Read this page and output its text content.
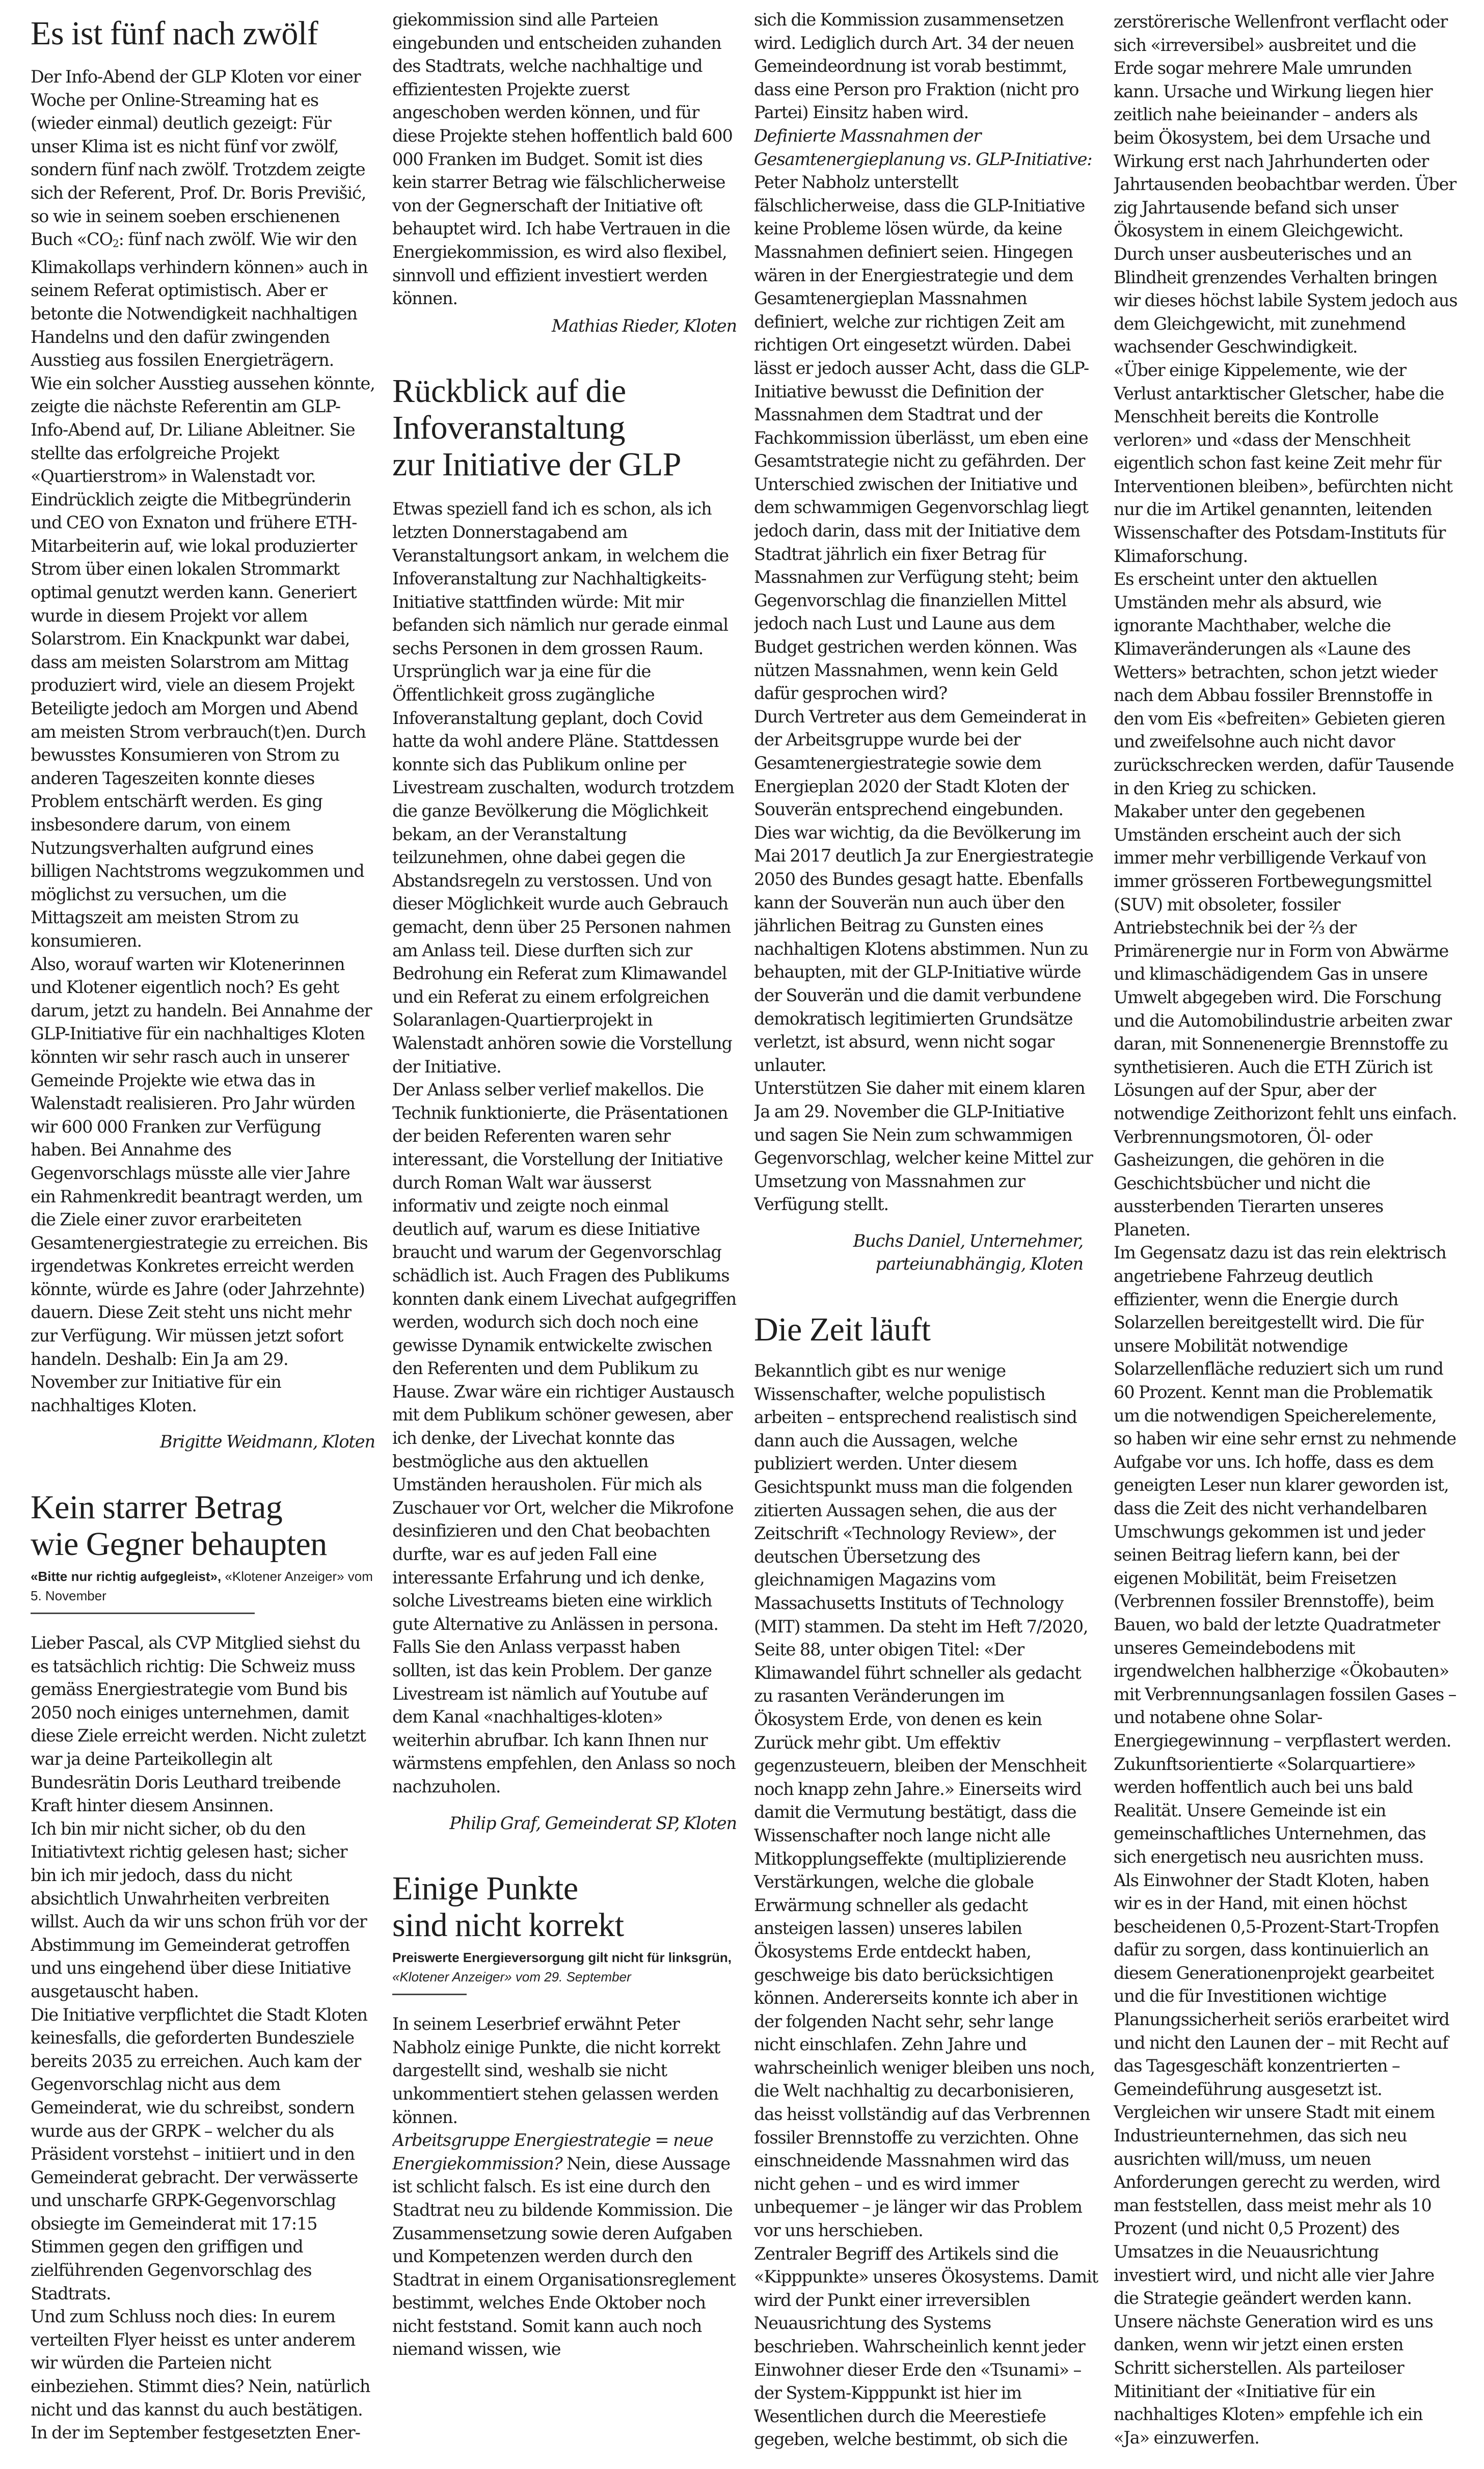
Es ist fünf nach zwölf

Der Info-Abend der GLP Kloten vor einer Woche per Online-Streaming hat es (wieder einmal) deutlich gezeigt: Für unser Klima ist es nicht fünf vor zwölf, sondern fünf nach zwölf. Trotzdem zeigte sich der Referent, Prof. Dr. Boris Previšić, so wie in seinem soeben erschienenen Buch «$CO_2$: fünf nach zwölf. Wie wir den Klimakollaps verhindern können» auch in seinem Referat optimistisch. Aber er betonte die Notwendigkeit nachhaltigen Handelns und den dafür zwingenden Ausstieg aus fossilen Energieträgern.

Wie ein solcher Ausstieg aussehen könnte, zeigte die nächste Referentin am GLP-Info-Abend auf, Dr. Liliane Ableitner. Sie stellte das erfolgreiche Projekt «Quartierstrom» in Walenstadt vor. Eindrücklich zeigte die Mitbegründerin und CEO von Exnaton und frühere ETH-Mitarbeiterin auf, wie lokal produzierter Strom über einen lokalen Strommarkt optimal genutzt werden kann. Generiert wurde in diesem Projekt vor allem Solarstrom. Ein Knackpunkt war dabei, dass am meisten Solarstrom am Mittag produziert wird, viele an diesem Projekt Beteiligte jedoch am Morgen und Abend am meisten Strom verbrauch(t)en. Durch bewusstes Konsumieren von Strom zu anderen Tageszeiten konnte dieses Problem entschärft werden. Es ging insbesondere darum, von einem Nutzungsverhalten aufgrund eines billigen Nachtstroms wegzukommen und möglichst zu versuchen, um die Mittagszeit am meisten Strom zu konsumieren.

Also, worauf warten wir Klotenerinnen und Klotener eigentlich noch? Es geht darum, jetzt zu handeln. Bei Annahme der GLP-Initiative für ein nachhaltiges Kloten könnten wir sehr rasch auch in unserer Gemeinde Projekte wie etwa das in Walenstadt realisieren. Pro Jahr würden wir 600 000 Franken zur Verfügung haben. Bei Annahme des Gegenvorschlags müsste alle vier Jahre ein Rahmenkredit beantragt werden, um die Ziele einer zuvor erarbeiteten Gesamtenergiestrategie zu erreichen. Bis irgendetwas Konkretes erreicht werden könnte, würde es Jahre (oder Jahrzehnte) dauern. Diese Zeit steht uns nicht mehr zur Verfügung. Wir müssen jetzt sofort handeln. Deshalb: Ein Ja am 29. November zur Initiative für ein nachhaltiges Kloten.

Brigitte Weidmann, Kloten

Kein starrer Betrag
wie Gegner behaupten
«Bitte nur richtig aufgegleist», «Klotener Anzeiger» vom 5. November

Lieber Pascal, als CVP Mitglied siehst du es tatsächlich richtig: Die Schweiz muss gemäss Energiestrategie vom Bund bis 2050 noch einiges unternehmen, damit diese Ziele erreicht werden. Nicht zuletzt war ja deine Parteikollegin alt Bundesrätin Doris Leuthard treibende Kraft hinter diesem Ansinnen.

Ich bin mir nicht sicher, ob du den Initiativtext richtig gelesen hast; sicher bin ich mir jedoch, dass du nicht absichtlich Unwahrheiten verbreiten willst. Auch da wir uns schon früh vor der Abstimmung im Gemeinderat getroffen und uns eingehend über diese Initiative ausgetauscht haben.

Die Initiative verpflichtet die Stadt Kloten keinesfalls, die geforderten Bundesziele bereits 2035 zu erreichen. Auch kam der Gegenvorschlag nicht aus dem Gemeinderat, wie du schreibst, sondern wurde aus der GRPK – welcher du als Präsident vorstehst – initiiert und in den Gemeinderat gebracht. Der verwässerte und unscharfe GRPK-Gegenvorschlag obsiegte im Gemeinderat mit 17:15 Stimmen gegen den griffigen und zielführenden Gegenvorschlag des Stadtrats.

Und zum Schluss noch dies: In eurem verteilten Flyer heisst es unter anderem wir würden die Parteien nicht einbeziehen. Stimmt dies? Nein, natürlich nicht und das kannst du auch bestätigen.

In der im September festgesetzten Ener-

giekommission sind alle Parteien eingebunden und entscheiden zuhanden des Stadtrats, welche nachhaltige und effizientesten Projekte zuerst angeschoben werden können, und für diese Projekte stehen hoffentlich bald 600 000 Franken im Budget. Somit ist dies kein starrer Betrag wie fälschlicherweise von der Gegnerschaft der Initiative oft behauptet wird. Ich habe Vertrauen in die Energiekommission, es wird also flexibel, sinnvoll und effizient investiert werden können.

Mathias Rieder, Kloten

Rückblick auf die
Infoveranstaltung
zur Initiative der GLP

Etwas speziell fand ich es schon, als ich letzten Donnerstagabend am Veranstaltungsort ankam, in welchem die Infoveranstaltung zur Nachhaltigkeits-Initiative stattfinden würde: Mit mir befanden sich nämlich nur gerade einmal sechs Personen in dem grossen Raum. Ursprünglich war ja eine für die Öffentlichkeit gross zugängliche Infoveranstaltung geplant, doch Covid hatte da wohl andere Pläne. Stattdessen konnte sich das Publikum online per Livestream zuschalten, wodurch trotzdem die ganze Bevölkerung die Möglichkeit bekam, an der Veranstaltung teilzunehmen, ohne dabei gegen die Abstandsregeln zu verstossen. Und von dieser Möglichkeit wurde auch Gebrauch gemacht, denn über 25 Personen nahmen am Anlass teil. Diese durften sich zur Bedrohung ein Referat zum Klimawandel und ein Referat zu einem erfolgreichen Solaranlagen-Quartierprojekt in Walenstadt anhören sowie die Vorstellung der Initiative.

Der Anlass selber verlief makellos. Die Technik funktionierte, die Präsentationen der beiden Referenten waren sehr interessant, die Vorstellung der Initiative durch Roman Walt war äusserst informativ und zeigte noch einmal deutlich auf, warum es diese Initiative braucht und warum der Gegenvorschlag schädlich ist. Auch Fragen des Publikums konnten dank einem Livechat aufgegriffen werden, wodurch sich doch noch eine gewisse Dynamik entwickelte zwischen den Referenten und dem Publikum zu Hause. Zwar wäre ein richtiger Austausch mit dem Publikum schöner gewesen, aber ich denke, der Livechat konnte das bestmögliche aus den aktuellen Umständen herausholen. Für mich als Zuschauer vor Ort, welcher die Mikrofone desinfizieren und den Chat beobachten durfte, war es auf jeden Fall eine interessante Erfahrung und ich denke, solche Livestreams bieten eine wirklich gute Alternative zu Anlässen in persona.

Falls Sie den Anlass verpasst haben sollten, ist das kein Problem. Der ganze Livestream ist nämlich auf Youtube auf dem Kanal «nachhaltiges-kloten» weiterhin abrufbar. Ich kann Ihnen nur wärmstens empfehlen, den Anlass so noch nachzuholen.

Philip Graf, Gemeinderat SP, Kloten

Einige Punkte
sind nicht korrekt
Preiswerte Energieversorgung gilt nicht für linksgrün, «Klotener Anzeiger» vom 29. September

In seinem Leserbrief erwähnt Peter Nabholz einige Punkte, die nicht korrekt dargestellt sind, weshalb sie nicht unkommentiert stehen gelassen werden können.

Arbeitsgruppe Energiestrategie = neue Energiekommission? Nein, diese Aussage ist schlicht falsch. Es ist eine durch den Stadtrat neu zu bildende Kommission. Die Zusammensetzung sowie deren Aufgaben und Kompetenzen werden durch den Stadtrat in einem Organisationsreglement bestimmt, welches Ende Oktober noch nicht feststand. Somit kann auch noch niemand wissen, wie

sich die Kommission zusammensetzen wird. Lediglich durch Art. 34 der neuen Gemeindeordnung ist vorab bestimmt, dass eine Person pro Fraktion (nicht pro Partei) Einsitz haben wird.

Definierte Massnahmen der Gesamtenergieplanung vs. GLP-Initiative: Peter Nabholz unterstellt fälschlicherweise, dass die GLP-Initiative keine Probleme lösen würde, da keine Massnahmen definiert seien. Hingegen wären in der Energiestrategie und dem Gesamtenergieplan Massnahmen definiert, welche zur richtigen Zeit am richtigen Ort eingesetzt würden. Dabei lässt er jedoch ausser Acht, dass die GLP-Initiative bewusst die Definition der Massnahmen dem Stadtrat und der Fachkommission überlässt, um eben eine Gesamtstrategie nicht zu gefährden. Der Unterschied zwischen der Initiative und dem schwammigen Gegenvorschlag liegt jedoch darin, dass mit der Initiative dem Stadtrat jährlich ein fixer Betrag für Massnahmen zur Verfügung steht; beim Gegenvorschlag die finanziellen Mittel jedoch nach Lust und Laune aus dem Budget gestrichen werden können. Was nützen Massnahmen, wenn kein Geld dafür gesprochen wird?

Durch Vertreter aus dem Gemeinderat in der Arbeitsgruppe wurde bei der Gesamtenergiestrategie sowie dem Energieplan 2020 der Stadt Kloten der Souverän entsprechend eingebunden. Dies war wichtig, da die Bevölkerung im Mai 2017 deutlich Ja zur Energiestrategie 2050 des Bundes gesagt hatte. Ebenfalls kann der Souverän nun auch über den jährlichen Beitrag zu Gunsten eines nachhaltigen Klotens abstimmen. Nun zu behaupten, mit der GLP-Initiative würde der Souverän und die damit verbundene demokratisch legitimierten Grundsätze verletzt, ist absurd, wenn nicht sogar unlauter.

Unterstützen Sie daher mit einem klaren Ja am 29. November die GLP-Initiative und sagen Sie Nein zum schwammigen Gegenvorschlag, welcher keine Mittel zur Umsetzung von Massnahmen zur Verfügung stellt.

Buchs Daniel, Unternehmer,
parteiunabhängig, Kloten

Die Zeit läuft

Bekanntlich gibt es nur wenige Wissenschafter, welche populistisch arbeiten – entsprechend realistisch sind dann auch die Aussagen, welche publiziert werden. Unter diesem Gesichtspunkt muss man die folgenden zitierten Aussagen sehen, die aus der Zeitschrift «Technology Review», der deutschen Übersetzung des gleichnamigen Magazins vom Massachusetts Instituts of Technology (MIT) stammen. Da steht im Heft 7/2020, Seite 88, unter obigen Titel: «Der Klimawandel führt schneller als gedacht zu rasanten Veränderungen im Ökosystem Erde, von denen es kein Zurück mehr gibt. Um effektiv gegenzusteuern, bleiben der Menschheit noch knapp zehn Jahre.» Einerseits wird damit die Vermutung bestätigt, dass die Wissenschafter noch lange nicht alle Mitkopplungseffekte (multiplizierende Verstärkungen, welche die globale Erwärmung schneller als gedacht ansteigen lassen) unseres labilen Ökosystems Erde entdeckt haben, geschweige bis dato berücksichtigen können. Andererseits konnte ich aber in der folgenden Nacht sehr, sehr lange nicht einschlafen. Zehn Jahre und wahrscheinlich weniger bleiben uns noch, die Welt nachhaltig zu decarbonisieren, das heisst vollständig auf das Verbrennen fossiler Brennstoffe zu verzichten. Ohne einschneidende Massnahmen wird das nicht gehen – und es wird immer unbequemer – je länger wir das Problem vor uns herschieben.

Zentraler Begriff des Artikels sind die «Kipppunkte» unseres Ökosystems. Damit wird der Punkt einer irreversiblen Neuausrichtung des Systems beschrieben. Wahrscheinlich kennt jeder Einwohner dieser Erde den «Tsunami» – der System-Kipppunkt ist hier im Wesentlichen durch die Meerestiefe gegeben, welche bestimmt, ob sich die

zerstörerische Wellenfront verflacht oder sich «irreversibel» ausbreitet und die Erde sogar mehrere Male umrunden kann. Ursache und Wirkung liegen hier zeitlich nahe beieinander – anders als beim Ökosystem, bei dem Ursache und Wirkung erst nach Jahrhunderten oder Jahrtausenden beobachtbar werden. Über zig Jahrtausende befand sich unser Ökosystem in einem Gleichgewicht. Durch unser ausbeuterisches und an Blindheit grenzendes Verhalten bringen wir dieses höchst labile System jedoch aus dem Gleichgewicht, mit zunehmend wachsender Geschwindigkeit.

«Über einige Kippelemente, wie der Verlust antarktischer Gletscher, habe die Menschheit bereits die Kontrolle verloren» und «dass der Menschheit eigentlich schon fast keine Zeit mehr für Interventionen bleiben», befürchten nicht nur die im Artikel genannten, leitenden Wissenschafter des Potsdam-Instituts für Klimaforschung.

Es erscheint unter den aktuellen Umständen mehr als absurd, wie ignorante Machthaber, welche die Klimaveränderungen als «Laune des Wetters» betrachten, schon jetzt wieder nach dem Abbau fossiler Brennstoffe in den vom Eis «befreiten» Gebieten gieren und zweifelsohne auch nicht davor zurückschrecken werden, dafür Tausende in den Krieg zu schicken.

Makaber unter den gegebenen Umständen erscheint auch der sich immer mehr verbilligende Verkauf von immer grösseren Fortbewegungsmittel (SUV) mit obsoleter, fossiler Antriebstechnik bei der ⅔ der Primärenergie nur in Form von Abwärme und klimaschädigendem Gas in unsere Umwelt abgegeben wird. Die Forschung und die Automobilindustrie arbeiten zwar daran, mit Sonnenenergie Brennstoffe zu synthetisieren. Auch die ETH Zürich ist Lösungen auf der Spur, aber der notwendige Zeithorizont fehlt uns einfach. Verbrennungsmotoren, Öl- oder Gasheizungen, die gehören in die Geschichtsbücher und nicht die aussterbenden Tierarten unseres Planeten.

Im Gegensatz dazu ist das rein elektrisch angetriebene Fahrzeug deutlich effizienter, wenn die Energie durch Solarzellen bereitgestellt wird. Die für unsere Mobilität notwendige Solarzellenfläche reduziert sich um rund 60 Prozent. Kennt man die Problematik um die notwendigen Speicherelemente, so haben wir eine sehr ernst zu nehmende Aufgabe vor uns. Ich hoffe, dass es dem geneigten Leser nun klarer geworden ist, dass die Zeit des nicht verhandelbaren Umschwungs gekommen ist und jeder seinen Beitrag liefern kann, bei der eigenen Mobilität, beim Freisetzen (Verbrennen fossiler Brennstoffe), beim Bauen, wo bald der letzte Quadratmeter unseres Gemeindebodens mit irgendwelchen halbherzige «Ökobauten» mit Verbrennungsanlagen fossilen Gases – und notabene ohne Solar-Energiegewinnung – verpflastert werden. Zukunftsorientierte «Solarquartiere» werden hoffentlich auch bei uns bald Realität. Unsere Gemeinde ist ein gemeinschaftliches Unternehmen, das sich energetisch neu ausrichten muss.

Als Einwohner der Stadt Kloten, haben wir es in der Hand, mit einen höchst bescheidenen 0,5-Prozent-Start-Tropfen dafür zu sorgen, dass kontinuierlich an diesem Generationenprojekt gearbeitet und die für Investitionen wichtige Planungssicherheit seriös erarbeitet wird und nicht den Launen der – mit Recht auf das Tagesgeschäft konzentrierten – Gemeindeführung ausgesetzt ist.

Vergleichen wir unsere Stadt mit einem Industrieunternehmen, das sich neu ausrichten will/muss, um neuen Anforderungen gerecht zu werden, wird man feststellen, dass meist mehr als 10 Prozent (und nicht 0,5 Prozent) des Umsatzes in die Neuausrichtung investiert wird, und nicht alle vier Jahre die Strategie geändert werden kann. Unsere nächste Generation wird es uns danken, wenn wir jetzt einen ersten Schritt sicherstellen. Als parteiloser Mitinitiant der «Initiative für ein nachhaltiges Kloten» empfehle ich ein «Ja» einzuwerfen.
